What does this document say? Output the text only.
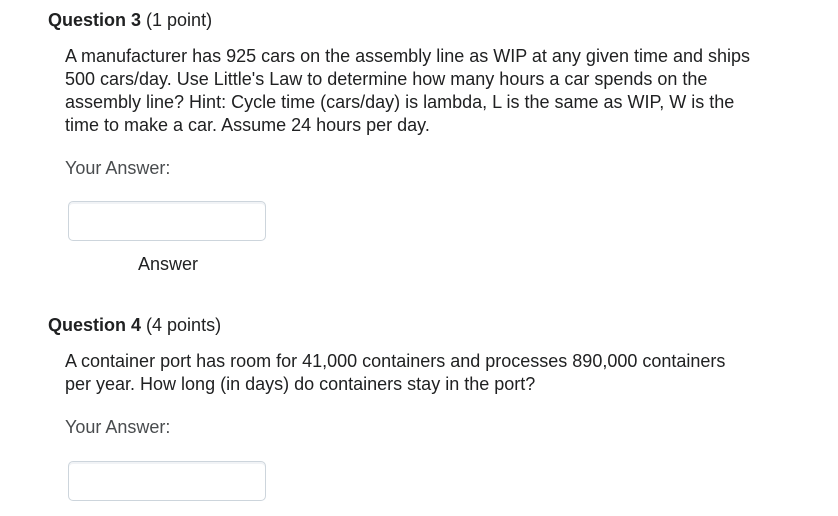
Question 3 (1 point)
A manufacturer has 925 cars on the assembly line as WIP at any given time and ships
500 cars/day. Use Little's Law to determine how many hours a car spends on the
assembly line? Hint: Cycle time (cars/day) is lambda, L is the same as WIP, W is the
time to make a car. Assume 24 hours per day.
Your Answer:
Answer
Question 4 (4 points)
A container port has room for 41,000 containers and processes 890,000 containers
per year. How long (in days) do containers stay in the port?
Your Answer:
